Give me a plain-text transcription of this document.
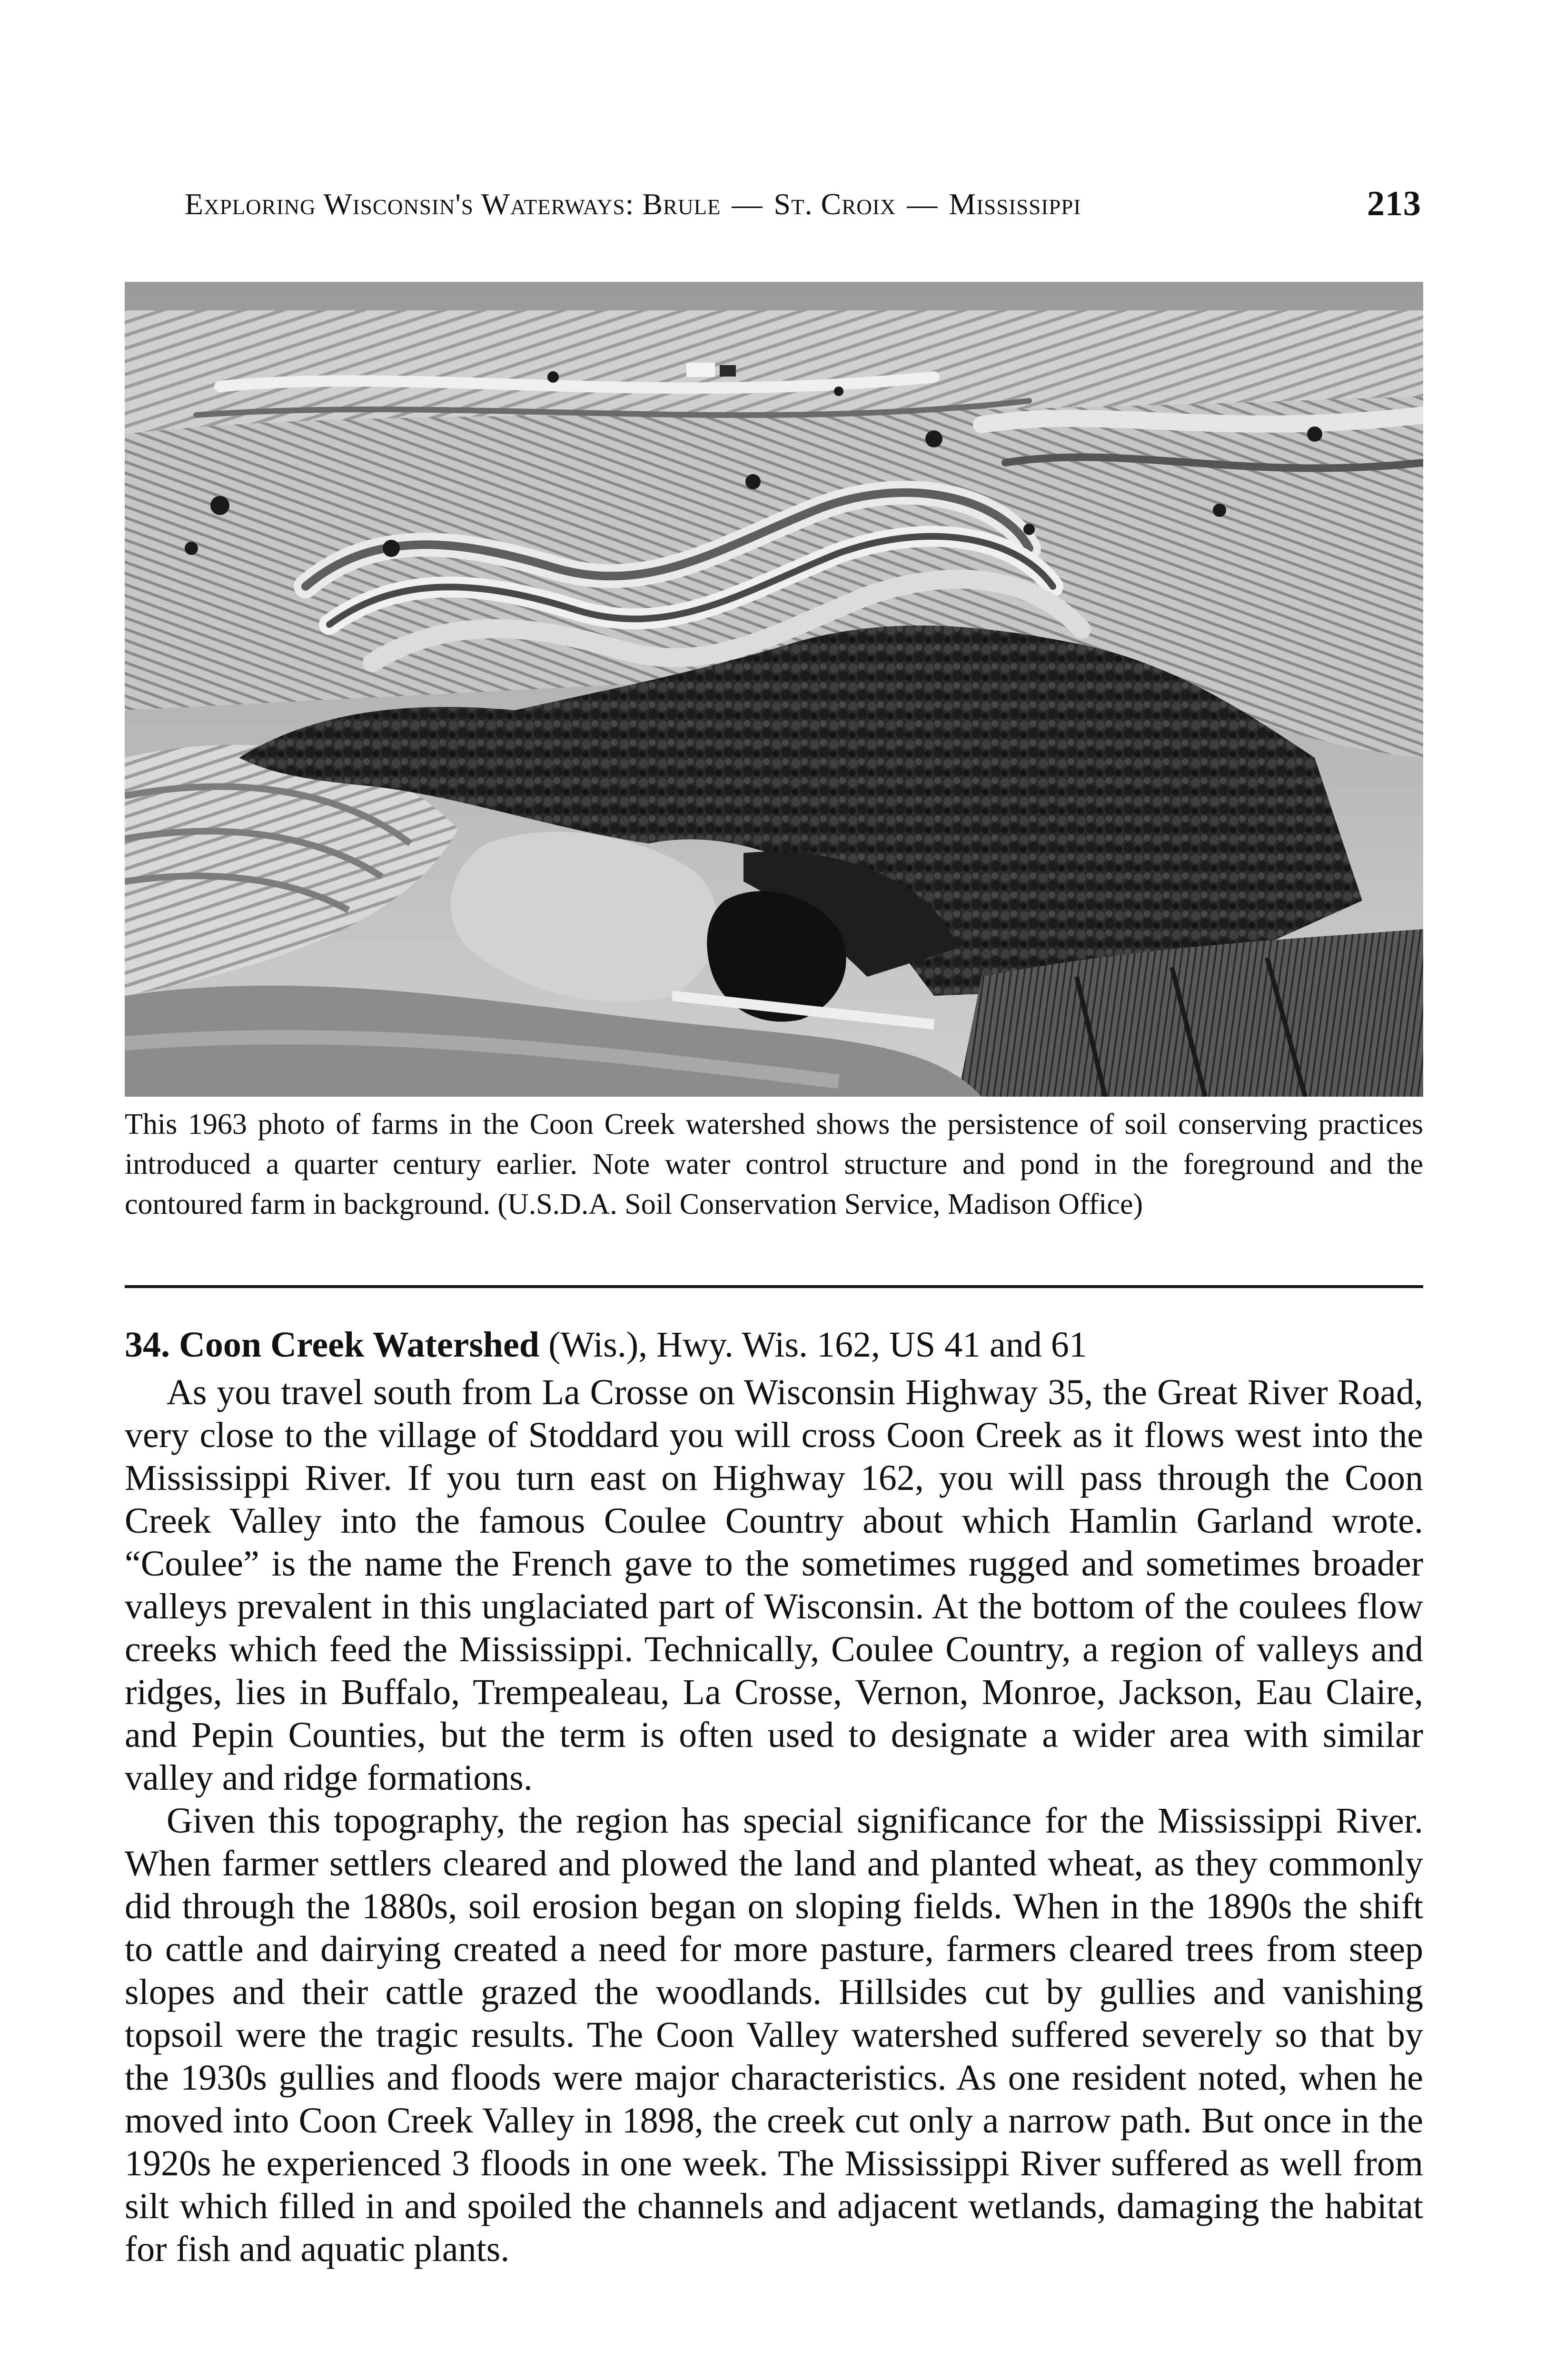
Exploring Wisconsin's Waterways: Brule — St. Croix — Mississippi	213
This 1963 photo of farms in the Coon Creek watershed shows the persistence of soil conserving practices introduced a quarter century earlier. Note water control structure and pond in the foreground and the contoured farm in background. (U.S.D.A. Soil Conservation Service, Madison Office)
34. Coon Creek Watershed (Wis.), Hwy. Wis. 162, US 41 and 61

As you travel south from La Crosse on Wisconsin Highway 35, the Great River Road, very close to the village of Stoddard you will cross Coon Creek as it flows west into the Mississippi River. If you turn east on Highway 162, you will pass through the Coon Creek Valley into the famous Coulee Country about which Hamlin Garland wrote. “Coulee” is the name the French gave to the sometimes rugged and sometimes broader valleys prevalent in this unglaciated part of Wisconsin. At the bottom of the coulees flow creeks which feed the Mississippi. Technically, Coulee Country, a region of valleys and ridges, lies in Buffalo, Trempealeau, La Crosse, Vernon, Monroe, Jackson, Eau Claire, and Pepin Counties, but the term is often used to designate a wider area with similar valley and ridge formations.

Given this topography, the region has special significance for the Mississippi River. When farmer settlers cleared and plowed the land and planted wheat, as they commonly did through the 1880s, soil erosion began on sloping fields. When in the 1890s the shift to cattle and dairying created a need for more pasture, farmers cleared trees from steep slopes and their cattle grazed the woodlands. Hillsides cut by gullies and vanishing topsoil were the tragic results. The Coon Valley watershed suffered severely so that by the 1930s gullies and floods were major characteristics. As one resident noted, when he moved into Coon Creek Valley in 1898, the creek cut only a narrow path. But once in the 1920s he experienced 3 floods in one week. The Mississippi River suffered as well from silt which filled in and spoiled the channels and adjacent wetlands, damaging the habitat for fish and aquatic plants.
